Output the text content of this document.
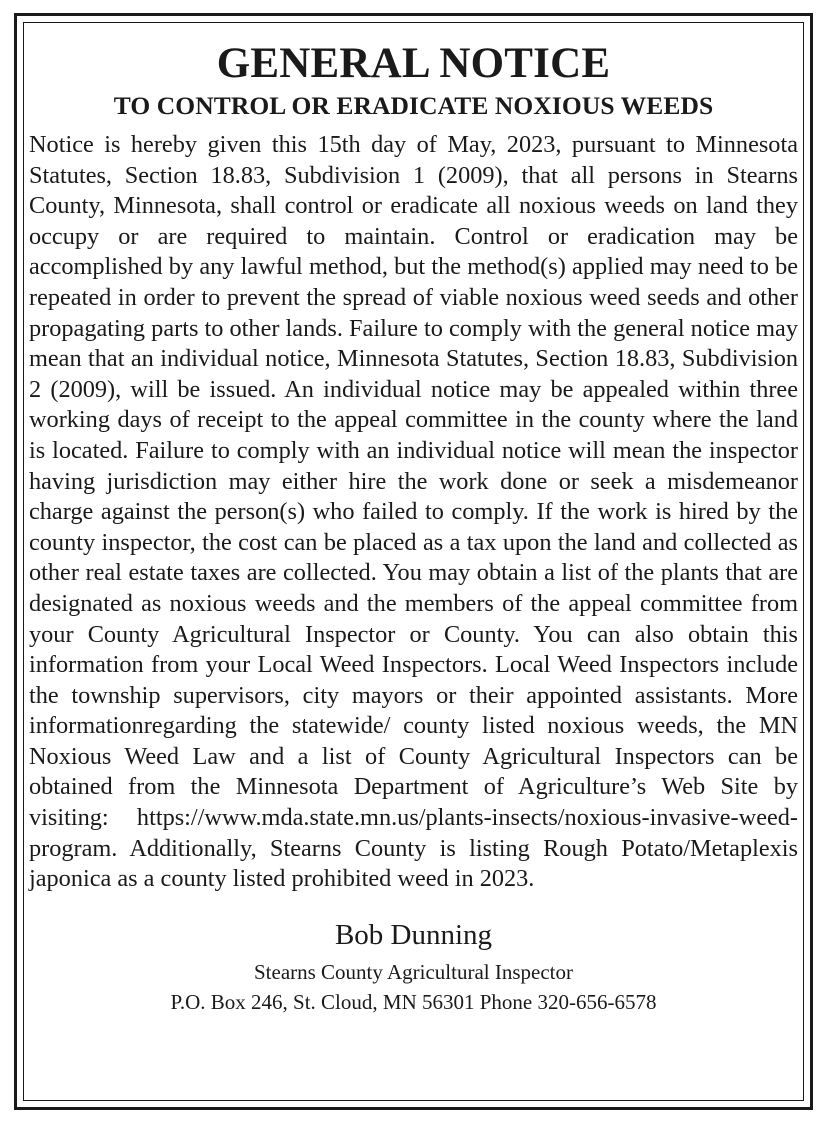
GENERAL NOTICE
TO CONTROL OR ERADICATE NOXIOUS WEEDS

Notice is hereby given this 15th day of May, 2023, pursuant to Minnesota Statutes, Section 18.83, Subdivision 1 (2009), that all persons in Stearns County, Minnesota, shall control or eradicate all noxious weeds on land they occupy or are required to maintain. Control or eradication may be accomplished by any lawful method, but the method(s) applied may need to be repeated in order to prevent the spread of viable noxious weed seeds and other propagating parts to other lands. Failure to comply with the general notice may mean that an individual notice, Minnesota Statutes, Section 18.83, Subdivision 2 (2009), will be issued. An individual notice may be appealed within three working days of receipt to the appeal committee in the county where the land is located. Failure to comply with an individual notice will mean the inspector having jurisdiction may either hire the work done or seek a misdemeanor charge against the person(s) who failed to comply. If the work is hired by the county inspector, the cost can be placed as a tax upon the land and collected as other real estate taxes are collected. You may obtain a list of the plants that are designated as noxious weeds and the members of the appeal committee from your County Agricultural Inspector or County. You can also obtain this information from your Local Weed Inspectors. Local Weed Inspectors include the township supervisors, city mayors or their appointed assistants. More informationregarding the statewide/ county listed noxious weeds, the MN Noxious Weed Law and a list of County Agricultural Inspectors can be obtained from the Minnesota Department of Agriculture’s Web Site by visiting: https://www.mda.state.mn.us/plants-insects/noxious-invasive-weed-program. Additionally, Stearns County is listing Rough Potato/Metaplexis japonica as a county listed prohibited weed in 2023.

Bob Dunning

Stearns County Agricultural Inspector

P.O. Box 246, St. Cloud, MN 56301 Phone 320-656-6578
